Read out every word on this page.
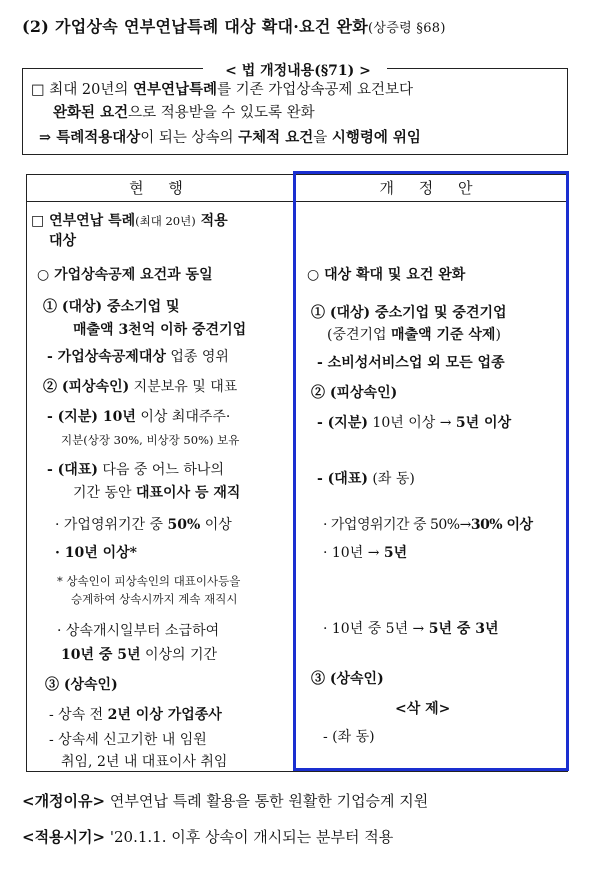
(2) 가업상속 연부연납특례 대상 확대·요건 완화(상증령 §68)
□ 최대 20년의 연부연납특례를 기존 가업상속공제 요건보다
완화된 요건으로 적용받을 수 있도록 완화
⇒ 특례적용대상이 되는 상속의 구체적 요건을 시행령에 위임
< 법 개정내용(§71) >
현 행	개 정 안
□ 연부연납 특례(최대 20년) 적용
대상
○ 가업상속공제 요건과 동일
① (대상) 중소기업 및
매출액 3천억 이하 중견기업
- 가업상속공제대상 업종 영위
② (피상속인) 지분보유 및 대표
- (지분) 10년 이상 최대주주·
지분(상장 30%, 비상장 50%) 보유
- (대표) 다음 중 어느 하나의
기간 동안 대표이사 등 재직
· 가업영위기간 중 50% 이상
· 10년 이상*
* 상속인이 피상속인의 대표이사등을
승계하여 상속시까지 계속 재직시
· 상속개시일부터 소급하여
10년 중 5년 이상의 기간
③ (상속인)
- 상속 전 2년 이상 가업종사
- 상속세 신고기한 내 임원
취임, 2년 내 대표이사 취임
○ 대상 확대 및 요건 완화
① (대상) 중소기업 및 중견기업
(중견기업 매출액 기준 삭제)
- 소비성서비스업 외 모든 업종
② (피상속인)
- (지분) 10년 이상 → 5년 이상
- (대표) (좌 동)
· 가업영위기간 중 50%→30% 이상
· 10년 → 5년
· 10년 중 5년 → 5년 중 3년
③ (상속인)
<삭 제>
- (좌 동)
<개정이유> 연부연납 특례 활용을 통한 원활한 기업승계 지원
<적용시기> '20.1.1. 이후 상속이 개시되는 분부터 적용
